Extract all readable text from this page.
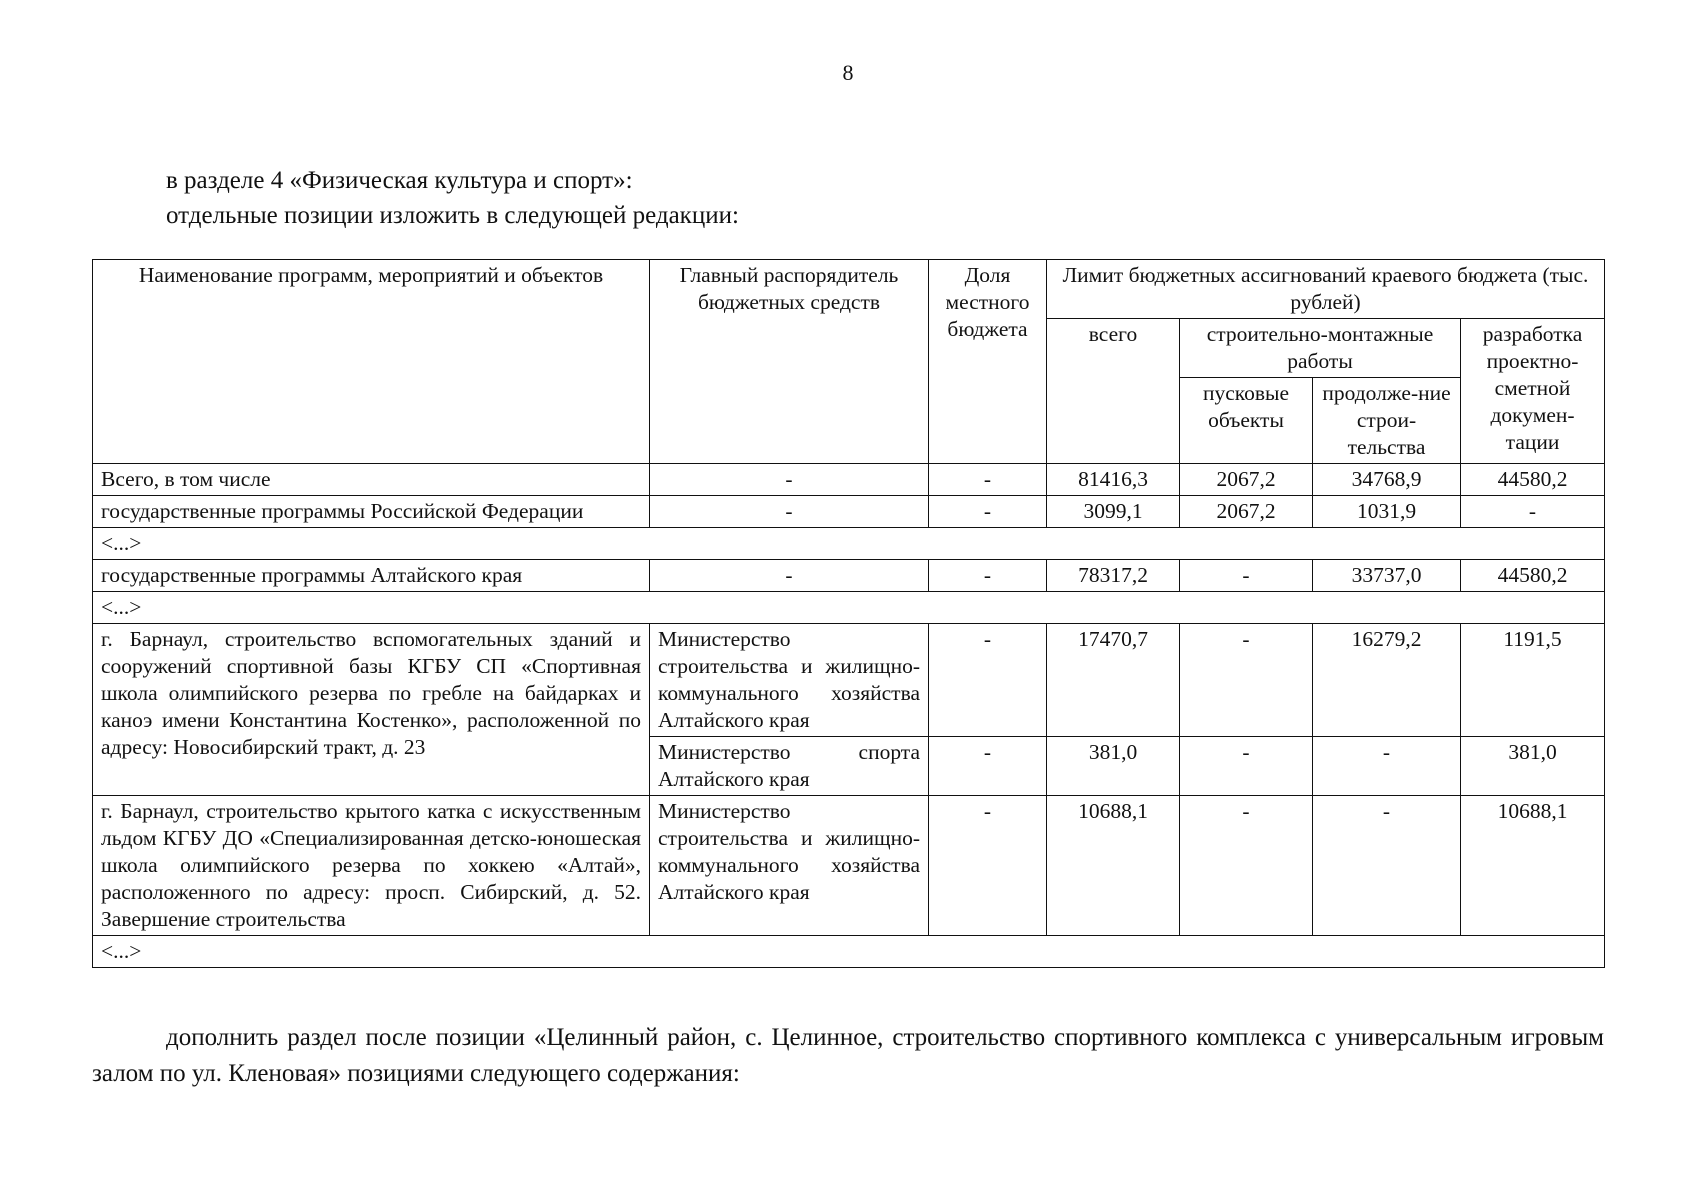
8
в разделе 4 «Физическая культура и спорт»:
отдельные позиции изложить в следующей редакции:
Наименование программ, мероприятий и объектов	Главный распорядитель бюджетных средств	Доля местного бюджета	Лимит бюджетных ассигнований краевого бюджета (тыс. рублей)			
			всего	строительно-монтажные работы		разработка проектно-сметной докумен-тации
				пусковые объекты	продолже-ние строи-тельства	
Всего, в том числе	-	-	81416,3	2067,2	34768,9	44580,2
государственные программы Российской Федерации	-	-	3099,1	2067,2	1031,9	-
<...>						
государственные программы Алтайского края	-	-	78317,2	-	33737,0	44580,2
<...>						
г. Барнаул, строительство вспомогательных зданий и сооружений спортивной базы КГБУ СП «Спортивная школа олимпийского резерва по гребле на байдарках и каноэ имени Константина Костенко», расположенной по адресу: Новосибирский тракт, д. 23	Министерство строительства и жилищно-коммунального хозяйства Алтайского края	-	17470,7	-	16279,2	1191,5
	Министерство спорта Алтайского края	-	381,0	-	-	381,0
г. Барнаул, строительство крытого катка с искусственным льдом КГБУ ДО «Специализированная детско-юношеская школа олимпийского резерва по хоккею «Алтай», расположенного по адресу: просп. Сибирский, д. 52. Завершение строительства	Министерство строительства и жилищно-коммунального хозяйства Алтайского края	-	10688,1	-	-	10688,1
<...>						
дополнить раздел после позиции «Целинный район, с. Целинное, строительство спортивного комплекса с универсальным игровым залом по ул. Кленовая» позициями следующего содержания:
